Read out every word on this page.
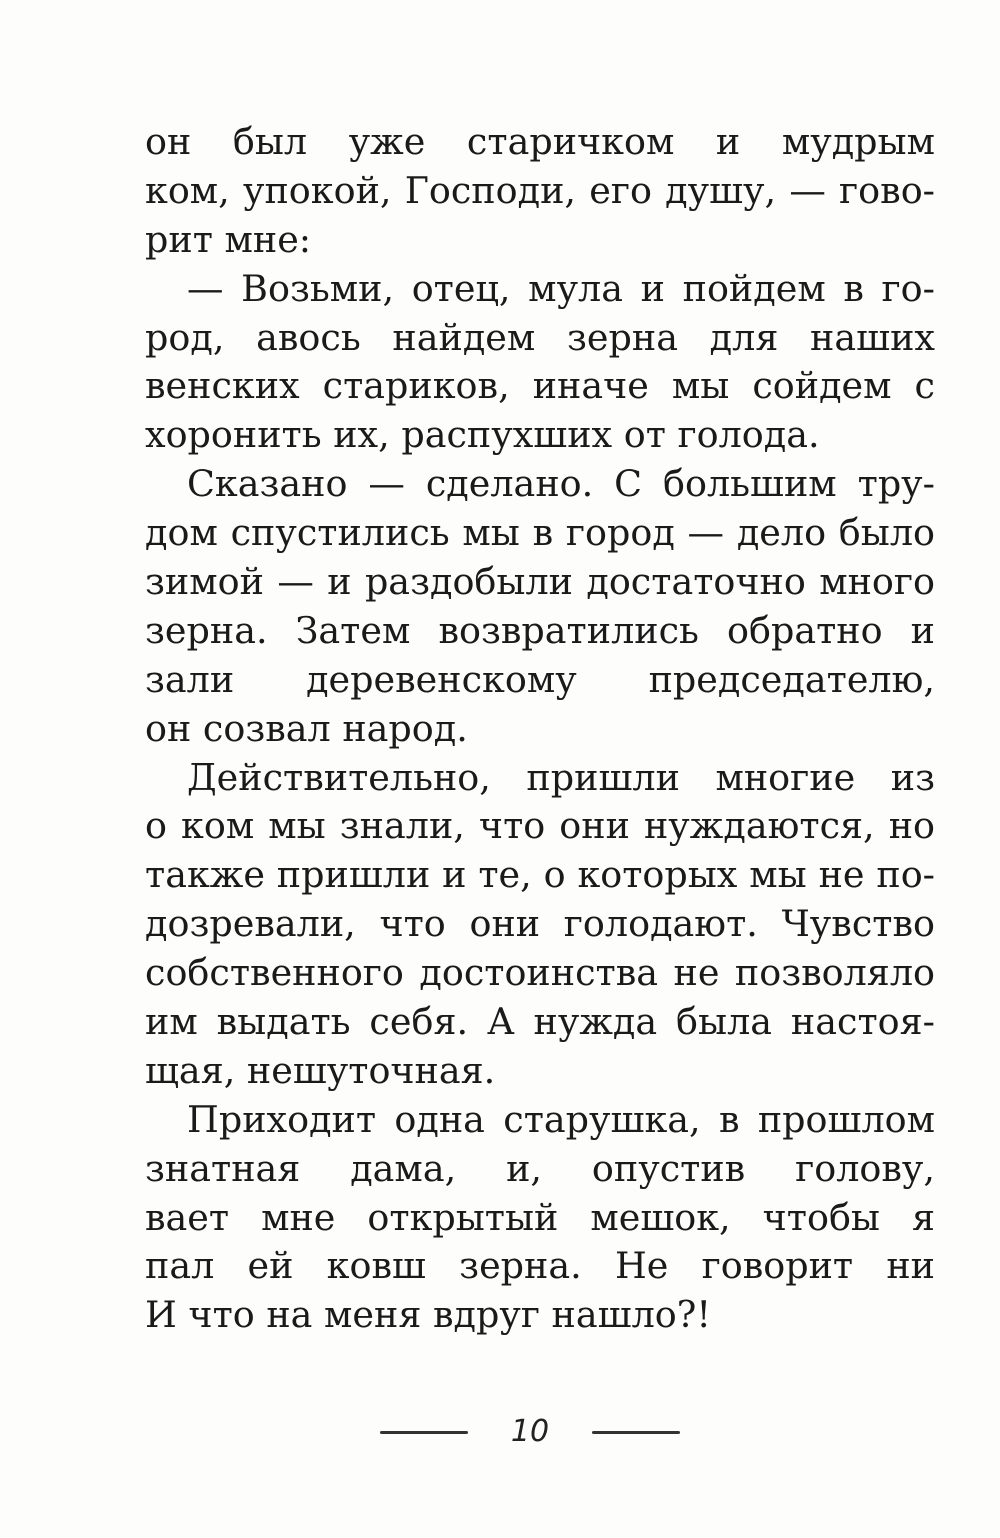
он был уже старичком и мудрым
ком, упокой, Господи, его душу, — гово-
рит мне:
— Возьми, отец, мула и пойдем в го-
род, авось найдем зерна для наших
венских стариков, иначе мы сойдем с
хоронить их, распухших от голода.
Сказано — сделано. С большим тру-
дом спустились мы в город — дело было
зимой — и раздобыли достаточно много
зерна. Затем возвратились обратно и
зали деревенскому председателю,
он созвал народ.
Действительно, пришли многие из
о ком мы знали, что они нуждаются, но
также пришли и те, о которых мы не по-
дозревали, что они голодают. Чувство
собственного достоинства не позволяло
им выдать себя. А нужда была настоя-
щая, нешуточная.
Приходит одна старушка, в прошлом
знатная дама, и, опустив голову,
вает мне открытый мешок, чтобы я
пал ей ковш зерна. Не говорит ни
И что на меня вдруг нашло?!
10
